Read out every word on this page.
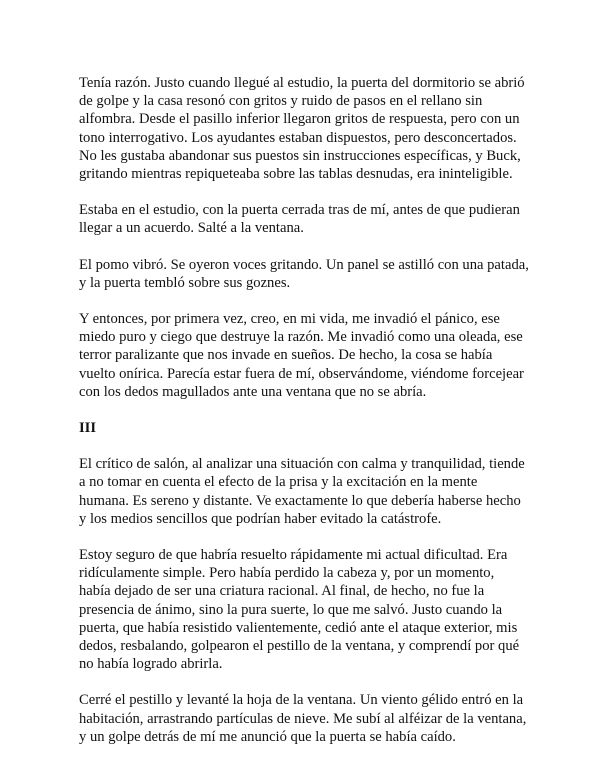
Tenía razón. Justo cuando llegué al estudio, la puerta del dormitorio se abrió de golpe y la casa resonó con gritos y ruido de pasos en el rellano sin alfombra. Desde el pasillo inferior llegaron gritos de respuesta, pero con un tono interrogativo. Los ayudantes estaban dispuestos, pero desconcertados. No les gustaba abandonar sus puestos sin instrucciones específicas, y Buck, gritando mientras repiqueteaba sobre las tablas desnudas, era ininteligible.

Estaba en el estudio, con la puerta cerrada tras de mí, antes de que pudieran llegar a un acuerdo. Salté a la ventana.

El pomo vibró. Se oyeron voces gritando. Un panel se astilló con una patada, y la puerta tembló sobre sus goznes.

Y entonces, por primera vez, creo, en mi vida, me invadió el pánico, ese miedo puro y ciego que destruye la razón. Me invadió como una oleada, ese terror paralizante que nos invade en sueños. De hecho, la cosa se había vuelto onírica. Parecía estar fuera de mí, observándome, viéndome forcejear con los dedos magullados ante una ventana que no se abría.

III

El crítico de salón, al analizar una situación con calma y tranquilidad, tiende a no tomar en cuenta el efecto de la prisa y la excitación en la mente humana. Es sereno y distante. Ve exactamente lo que debería haberse hecho y los medios sencillos que podrían haber evitado la catástrofe.

Estoy seguro de que habría resuelto rápidamente mi actual dificultad. Era ridículamente simple. Pero había perdido la cabeza y, por un momento, había dejado de ser una criatura racional. Al final, de hecho, no fue la presencia de ánimo, sino la pura suerte, lo que me salvó. Justo cuando la puerta, que había resistido valientemente, cedió ante el ataque exterior, mis dedos, resbalando, golpearon el pestillo de la ventana, y comprendí por qué no había logrado abrirla.

Cerré el pestillo y levanté la hoja de la ventana. Un viento gélido entró en la habitación, arrastrando partículas de nieve. Me subí al alféizar de la ventana, y un golpe detrás de mí me anunció que la puerta se había caído.
